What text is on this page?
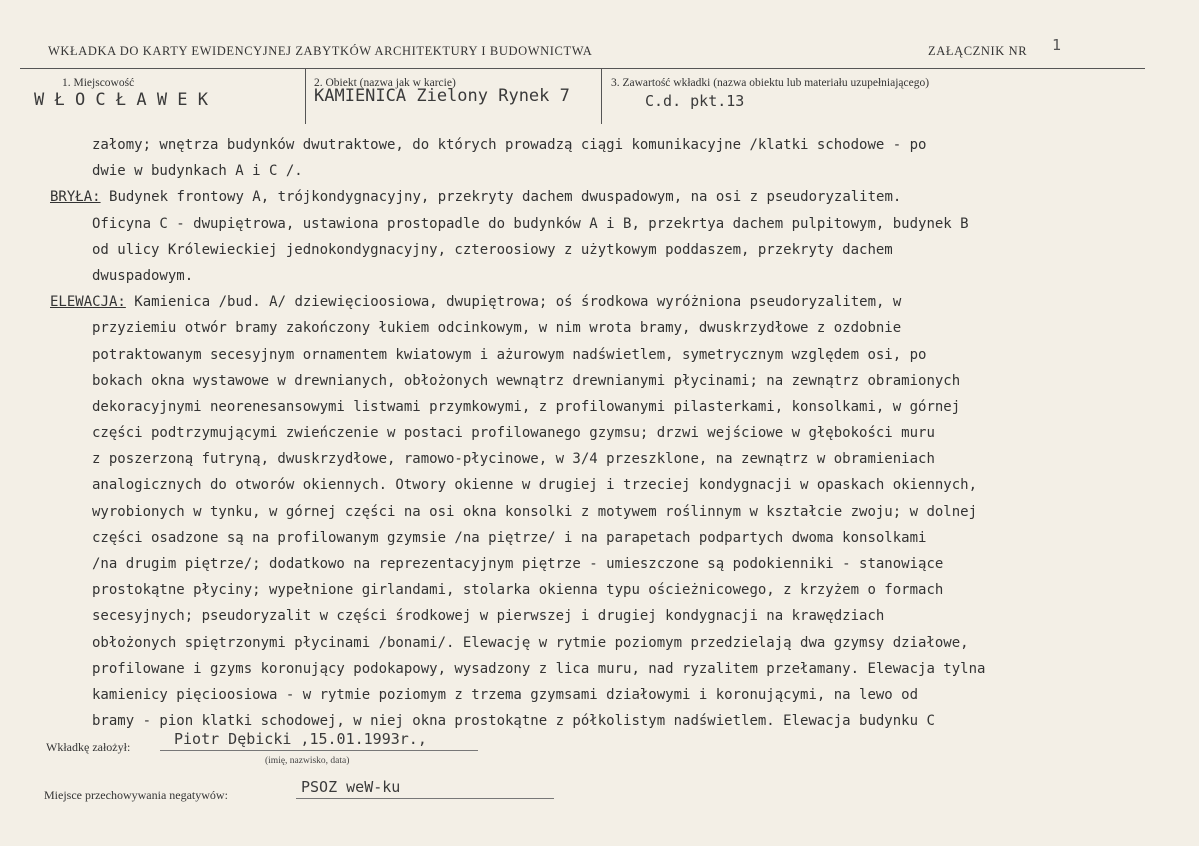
WKŁADKA DO KARTY EWIDENCYJNEJ ZABYTKÓW ARCHITEKTURY I BUDOWNICTWA	ZAŁĄCZNIK NR 1
1. Miejscowość
W Ł O C Ł A W E K
2. Obiekt (nazwa jak w karcie)
KAMIENICA Zielony Rynek 7
3. Zawartość wkładki (nazwa obiektu lub materiału uzupełniającego)
C.d. pkt.13
załomy; wnętrza budynków dwutraktowe, do których prowadzą ciągi komunikacyjne /klatki schodowe - po
dwie w budynkach A i C /.
BRYŁA: Budynek frontowy A, trójkondygnacyjny, przekryty dachem dwuspadowym, na osi z pseudoryzalitem.
Oficyna C - dwupiętrowa, ustawiona prostopadle do budynków A i B, przekrtya dachem pulpitowym, budynek B
od ulicy Królewieckiej jednokondygnacyjny, czteroosiowy z użytkowym poddaszem, przekryty dachem
dwuspadowym.
ELEWACJA: Kamienica /bud. A/ dziewięcioosiowa, dwupiętrowa; oś środkowa wyróżniona pseudoryzalitem, w
przyziemiu otwór bramy zakończony łukiem odcinkowym, w nim wrota bramy, dwuskrzydłowe z ozdobnie
potraktowanym secesyjnym ornamentem kwiatowym i ażurowym nadświetlem, symetrycznym względem osi, po
bokach okna wystawowe w drewnianych, obłożonych wewnątrz drewnianymi płycinami; na zewnątrz obramionych
dekoracyjnymi neorenesansowymi listwami przymkowymi, z profilowanymi pilasterkami, konsolkami, w górnej
części podtrzymującymi zwieńczenie w postaci profilowanego gzymsu; drzwi wejściowe w głębokości muru
z poszerzoną futryną, dwuskrzydłowe, ramowo-płycinowe, w 3/4 przeszklone, na zewnątrz w obramieniach
analogicznych do otworów okiennych. Otwory okienne w drugiej i trzeciej kondygnacji w opaskach okiennych,
wyrobionych w tynku, w górnej części na osi okna konsolki z motywem roślinnym w kształcie zwoju; w dolnej
części osadzone są na profilowanym gzymsie /na piętrze/ i na parapetach podpartych dwoma konsolkami
/na drugim piętrze/; dodatkowo na reprezentacyjnym piętrze - umieszczone są podokienniki - stanowiące
prostokątne płyciny; wypełnione girlandami, stolarka okienna typu ościeżnicowego, z krzyżem o formach
secesyjnych; pseudoryzalit w części środkowej w pierwszej i drugiej kondygnacji na krawędziach
obłożonych spiętrzonymi płycinami /bonami/. Elewację w rytmie poziomym przedzielają dwa gzymsy działowe,
profilowane i gzyms koronujący podokapowy, wysadzony z lica muru, nad ryzalitem przełamany. Elewacja tylna
kamienicy pięcioosiowa - w rytmie poziomym z trzema gzymsami działowymi i koronującymi, na lewo od
bramy - pion klatki schodowej, w niej okna prostokątne z półkolistym nadświetlem. Elewacja budynku C
Wkładkę założył:	Piotr Dębicki ,15.01.1993r.,
(imię, nazwisko, data)
Miejsce przechowywania negatywów:	PSOZ weW-ku
